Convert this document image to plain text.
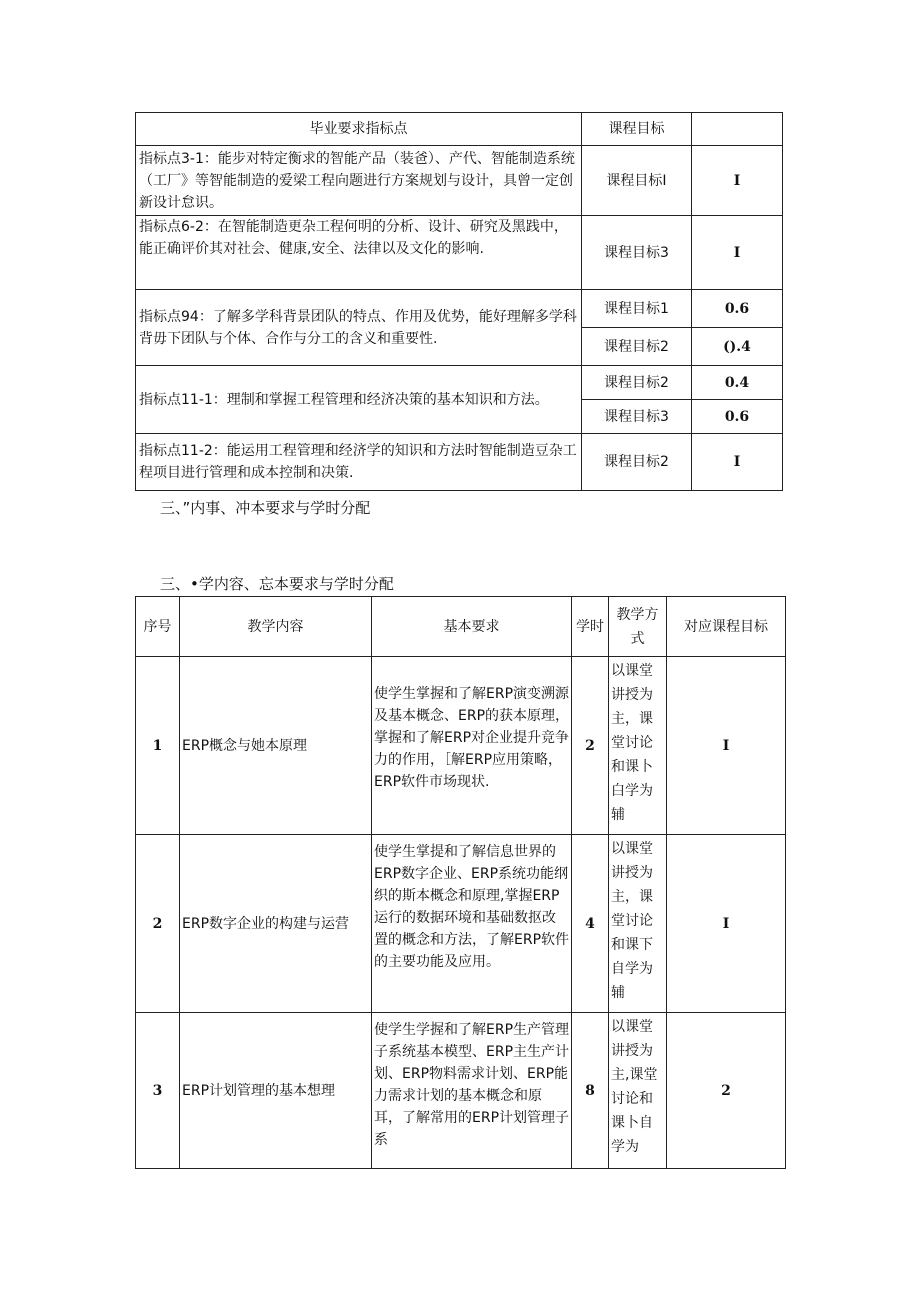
毕业要求指标点	课程目标	
指标点3-1：能步对特定衡求的智能产品（装爸）、产代、智能制造系统（工厂》等智能制造的爱梁工程向题进行方案规划与设计，具曾一定创新设计怠识。	课程目标I	I
指标点6-2：在智能制造更杂工程何明的分析、设计、研究及黑践中，能正确评价其对社会、健康,安全、法律以及文化的影响.	课程目标3	I
指标点94：了解多学科背景团队的特点、作用及优势，能好理解多学科背毋下团队与个体、合作与分工的含义和重要性.	课程目标1	0.6
	课程目标2	().4
指标点11-1：理制和掌握工程管理和经济决策的基本知识和方法。	课程目标2	0.4
	课程目标3	0.6
指标点11-2：能运用工程管理和经济学的知识和方法时智能制造豆杂工程项目进行管理和成本控制和决策.	课程目标2	I
三、”内事、冲本要求与学时分配
三、•学内容、忘本要求与学时分配
序号	教学内容	基本要求	学时	教学方式	对应课程目标
1	ERP概念与她本原理	使学生掌握和了解ERP演变溯源及基本概念、ERP的获本原理，掌握和了解ERP对企业提升竞争力的作用，［解ERP应用策略，ERP软件市场现状.	2	以课堂讲授为主，课堂讨论和课卜白学为辅	I
2	ERP数字企业的构建与运营	使学生掌提和了解信息世界的ERP数字企业、ERP系统功能纲织的斯本概念和原理,掌握ERP运行的数据环境和基础数抠改置的概念和方法，了解ERP软件的主要功能及应用。	4	以课堂讲授为主，课堂讨论和课下自学为辅	I
3	ERP计划管理的基本想理	使学生学握和了解ERP生产管理子系统基本模型、ERP主生产计划、ERP物料需求计划、ERP能力需求计划的基本概念和原耳，了解常用的ERP计划管理子系	8	以课堂讲授为主,课堂讨论和课卜自学为	2
